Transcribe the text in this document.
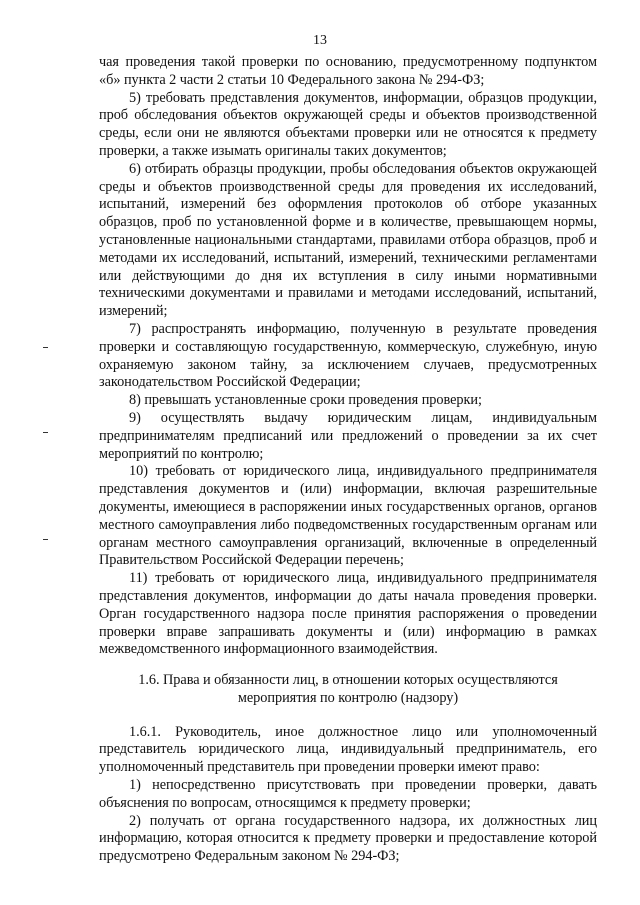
13

чая проведения такой проверки по основанию, предусмотренному подпунктом «б» пункта 2 части 2 статьи 10 Федерального закона № 294-ФЗ;

5) требовать представления документов, информации, образцов продукции, проб обследования объектов окружающей среды и объектов производственной среды, если они не являются объектами проверки или не относятся к предмету проверки, а также изымать оригиналы таких документов;

6) отбирать образцы продукции, пробы обследования объектов окружающей среды и объектов производственной среды для проведения их исследований, испытаний, измерений без оформления протоколов об отборе указанных образцов, проб по установленной форме и в количестве, превышающем нормы, установленные национальными стандартами, правилами отбора образцов, проб и методами их исследований, испытаний, измерений, техническими регламентами или действующими до дня их вступления в силу иными нормативными техническими документами и правилами и методами исследований, испытаний, измерений;

7) распространять информацию, полученную в результате проведения проверки и составляющую государственную, коммерческую, служебную, иную охраняемую законом тайну, за исключением случаев, предусмотренных законодательством Российской Федерации;

8) превышать установленные сроки проведения проверки;

9) осуществлять выдачу юридическим лицам, индивидуальным предпринимателям предписаний или предложений о проведении за их счет мероприятий по контролю;

10) требовать от юридического лица, индивидуального предпринимателя представления документов и (или) информации, включая разрешительные документы, имеющиеся в распоряжении иных государственных органов, органов местного самоуправления либо подведомственных государственным органам или органам местного самоуправления организаций, включенные в определенный Правительством Российской Федерации перечень;

11) требовать от юридического лица, индивидуального предпринимателя представления документов, информации до даты начала проведения проверки. Орган государственного надзора после принятия распоряжения о проведении проверки вправе запрашивать документы и (или) информацию в рамках межведомственного информационного взаимодействия.

1.6. Права и обязанности лиц, в отношении которых осуществляются мероприятия по контролю (надзору)

1.6.1. Руководитель, иное должностное лицо или уполномоченный представитель юридического лица, индивидуальный предприниматель, его уполномоченный представитель при проведении проверки имеют право:

1) непосредственно присутствовать при проведении проверки, давать объяснения по вопросам, относящимся к предмету проверки;

2) получать от органа государственного надзора, их должностных лиц информацию, которая относится к предмету проверки и предоставление которой предусмотрено Федеральным законом № 294-ФЗ;
